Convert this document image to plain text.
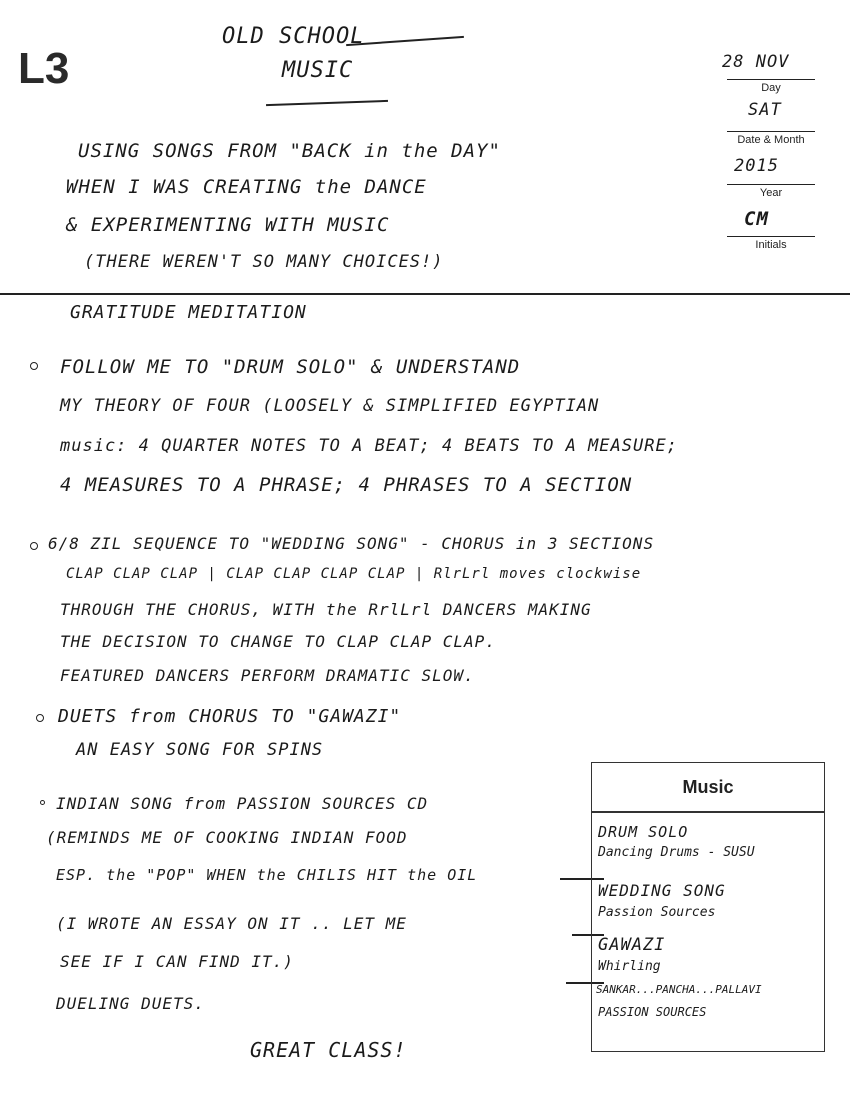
L3
OLD SCHOOL
MUSIC	28 NOV
Day
SAT
Date & Month
2015
Year
CM
Initials
USING SONGS FROM "BACK in the DAY"
WHEN I WAS CREATING the DANCE
& EXPERIMENTING WITH MUSIC
(THERE WEREN'T SO MANY CHOICES!)
GRATITUDE MEDITATION
FOLLOW ME TO "DRUM SOLO" & UNDERSTAND
MY THEORY OF FOUR (LOOSELY & SIMPLIFIED EGYPTIAN
music: 4 QUARTER NOTES TO A BEAT; 4 BEATS TO A MEASURE;
4 MEASURES TO A PHRASE; 4 PHRASES TO A SECTION
6/8 ZIL SEQUENCE TO "WEDDING SONG" - CHORUS in 3 SECTIONS
CLAP CLAP CLAP | CLAP CLAP CLAP CLAP | RlrLrl moves clockwise
THROUGH THE CHORUS, WITH the RrlLrl DANCERS MAKING
THE DECISION TO CHANGE TO CLAP CLAP CLAP.
FEATURED DANCERS PERFORM DRAMATIC SLOW.
DUETS from CHORUS TO "GAWAZI"
AN EASY SONG FOR SPINS
INDIAN SONG from PASSION SOURCES CD
(REMINDS ME OF COOKING INDIAN FOOD
ESP. the "POP" WHEN the CHILIS HIT the OIL
(I WROTE AN ESSAY ON IT .. LET ME
SEE IF I CAN FIND IT.)
DUELING DUETS.
GREAT CLASS!
Music
DRUM SOLO
Dancing Drums - SUSU
WEDDING SONG
Passion Sources
GAWAZI
Whirling
SANKAR...PANCHA...PALLAVI
PASSION SOURCES
